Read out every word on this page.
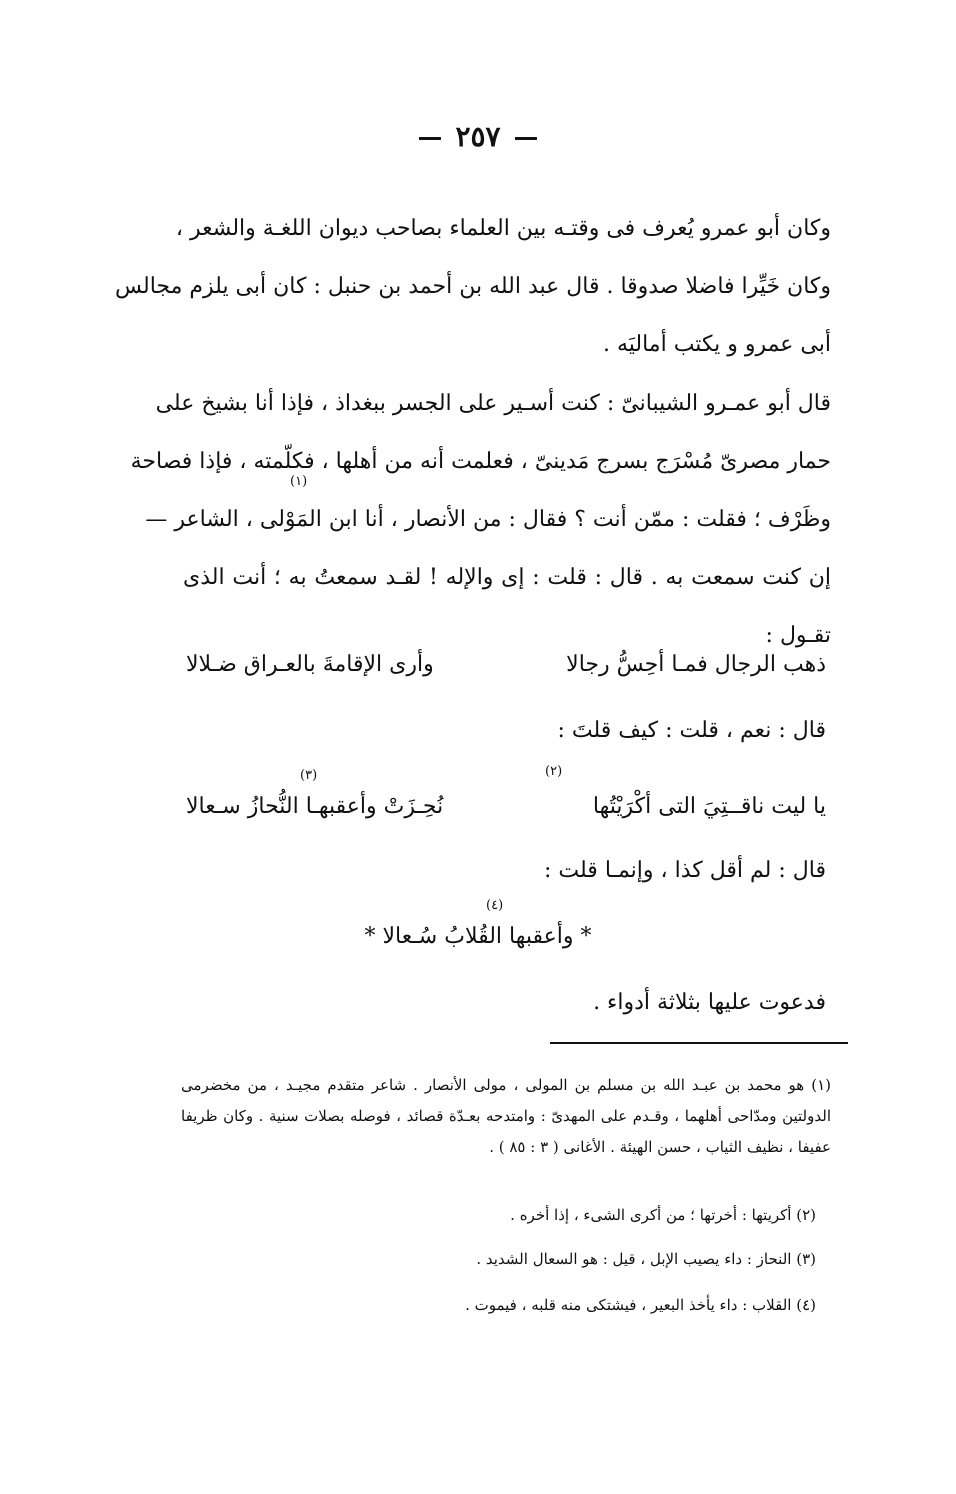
٢٥٧
وكان أبو عمرو يُعرف فى وقتـه بين العلماء بصاحب ديوان اللغـة والشعر ،
وكان خَيِّرا فاضلا صدوقا . قال عبد الله بن أحمد بن حنبل : كان أبى يلزم مجالس
أبى عمرو و يكتب أماليَه .
قال أبو عمـرو الشيبانىّ : كنت أسـير على الجسر ببغداذ ، فإذا أنا بشيخ على
حمار مصرىّ مُسْرَج بسرج مَدينىّ ، فعلمت أنه من أهلها ، فكلّمته ، فإذا فصاحة
وظَرْف ؛ فقلت : ممّن أنت ؟ فقال : من الأنصار ، أنا ابن المَوْلى ، الشاعر —
إن كنت سمعت به . قال : قلت : إى والإله ! لقـد سمعتُ به ؛ أنت الذى
تقـول :
(١)
ذهب الرجال فمـا أحِسُّ رجالا
وأرى الإقامةَ بالعـراق ضـلالا
قال : نعم ، قلت : كيف قلتَ :
(٢)
(٣)
يا ليت ناقــتِيَ التى أكْرَيْتُها
نُحِـزَتْ وأعقبهـا النُّحازُ سـعالا
قال : لم أقل كذا ، وإنمـا قلت :
(٤)
* وأعقبها القُلابُ سُـعالا *
فدعوت عليها بثلاثة أدواء .
(١) هو محمد بن عبـد الله بن مسلم بن المولى ، مولى الأنصار . شاعر متقدم مجيـد ، من مخضرمى الدولتين ومدّاحى أهلهما ، وقـدم على المهدىّ : وامتدحه بعـدّة قصائد ، فوصله بصلات سنية . وكان ظريفا عفيفا ، نظيف الثياب ، حسن الهيئة . الأغانى ( ٣ : ٨٥ ) .
(٢) أكريتها : أخرتها ؛ من أكرى الشىء ، إذا أخره .
(٣) النحاز : داء يصيب الإبل ، قيل : هو السعال الشديد .
(٤) القلاب : داء يأخذ البعير ، فيشتكى منه قلبه ، فيموت .
